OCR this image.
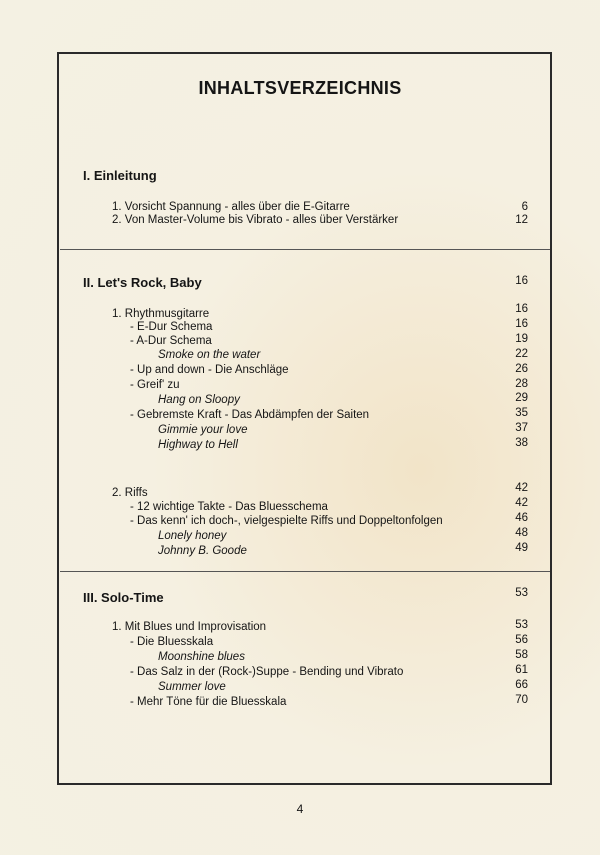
INHALTSVERZEICHNIS
I. Einleitung
1. Vorsicht Spannung - alles über die E-Gitarre	6
2. Von Master-Volume bis Vibrato - alles über Verstärker	12
II. Let's Rock, Baby	16
1. Rhythmusgitarre	16
- E-Dur Schema	16
- A-Dur Schema	19
Smoke on the water	22
- Up and down - Die Anschläge	26
- Greif' zu	28
Hang on Sloopy	29
- Gebremste Kraft - Das Abdämpfen der Saiten	35
Gimmie your love	37
Highway to Hell	38
2. Riffs	42
- 12 wichtige Takte - Das Bluesschema	42
- Das kenn' ich doch-, vielgespielte Riffs und Doppeltonfolgen	46
Lonely honey	48
Johnny B. Goode	49
III. Solo-Time	53
1. Mit Blues und Improvisation	53
- Die Bluesskala	56
Moonshine blues	58
- Das Salz in der (Rock-)Suppe - Bending und Vibrato	61
Summer love	66
- Mehr Töne für die Bluesskala	70
4
